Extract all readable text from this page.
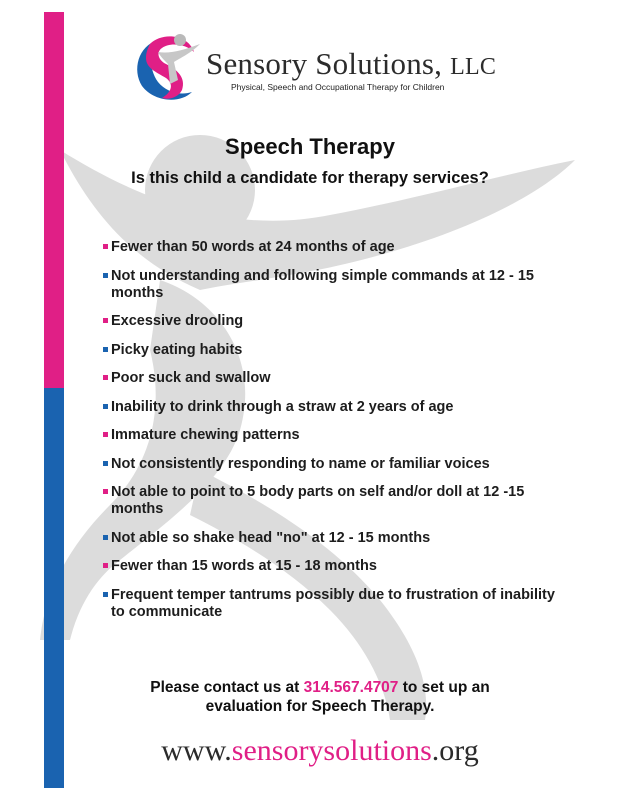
Sensory Solutions, LLC
Physical, Speech and Occupational Therapy for Children
Speech Therapy
Is this child a candidate for therapy services?
Fewer than 50 words at 24 months of age
Not understanding and following simple commands at 12 - 15 months
Excessive drooling
Picky eating habits
Poor suck and swallow
Inability to drink through a straw at 2 years of age
Immature chewing patterns
Not consistently responding to name or familiar voices
Not able to point to 5 body parts on self and/or doll at 12 -15 months
Not able so shake head "no" at 12 - 15 months
Fewer than 15 words at 15 - 18 months
Frequent temper tantrums possibly due to frustration of inability to communicate
Please contact us at 314.567.4707 to set up an
evaluation for Speech Therapy.
www.sensorysolutions.org
